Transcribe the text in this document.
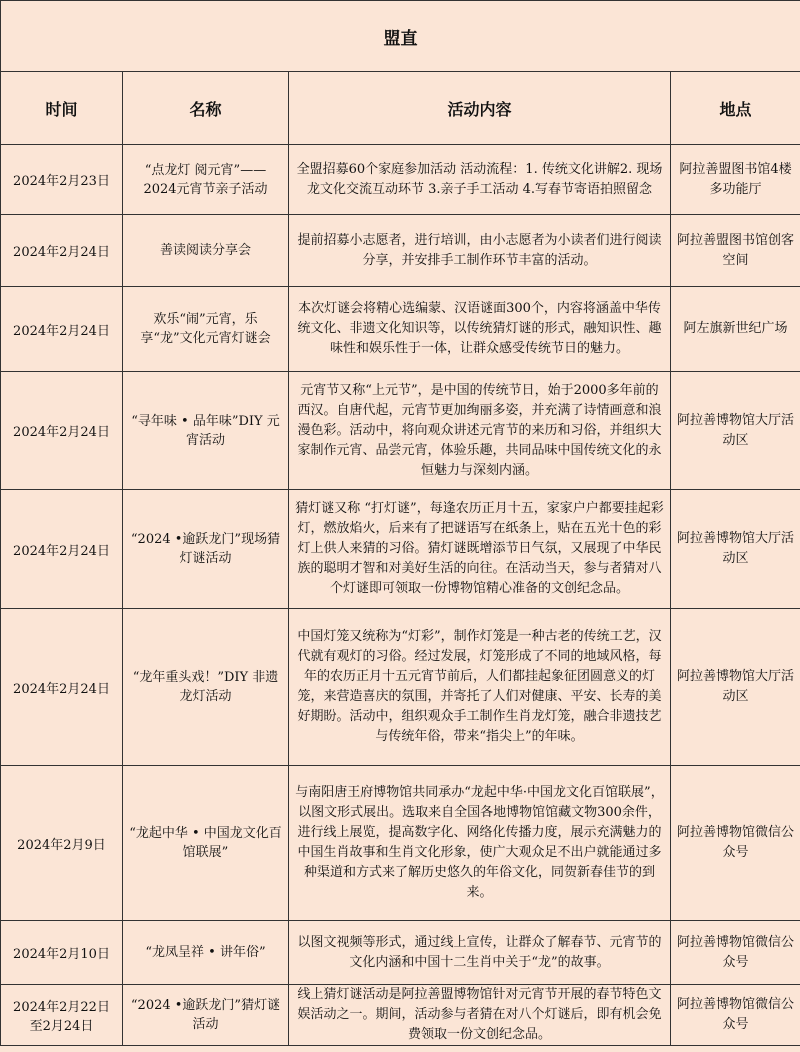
盟直			
时间	名称	活动内容	地点
2024年2月23日	“点龙灯 阅元宵”——2024元宵节亲子活动	全盟招募60个家庭参加活动 活动流程：1. 传统文化讲解2. 现场龙文化交流互动环节 3.亲子手工活动 4.写春节寄语拍照留念	阿拉善盟图书馆4楼多功能厅
2024年2月24日	善读阅读分享会	提前招募小志愿者，进行培训，由小志愿者为小读者们进行阅读分享，并安排手工制作环节丰富的活动。	阿拉善盟图书馆创客空间
2024年2月24日	欢乐“闹”元宵，乐享“龙”文化元宵灯谜会	本次灯谜会将精心选编蒙、汉语谜面300个，内容将涵盖中华传统文化、非遗文化知识等，以传统猜灯谜的形式，融知识性、趣味性和娱乐性于一体，让群众感受传统节日的魅力。	阿左旗新世纪广场
2024年2月24日	“寻年味 • 品年味”DIY 元宵活动	元宵节又称“上元节”，是中国的传统节日，始于2000多年前的西汉。自唐代起，元宵节更加绚丽多姿，并充满了诗情画意和浪漫色彩。活动中，将向观众讲述元宵节的来历和习俗，并组织大家制作元宵、品尝元宵，体验乐趣，共同品味中国传统文化的永恒魅力与深刻内涵。	阿拉善博物馆大厅活动区
2024年2月24日	“2024 •逾跃龙门”现场猜灯谜活动	猜灯谜又称 “打灯谜”，每逢农历正月十五，家家户户都要挂起彩灯，燃放焰火，后来有了把谜语写在纸条上，贴在五光十色的彩灯上供人来猜的习俗。猜灯谜既增添节日气氛，又展现了中华民族的聪明才智和对美好生活的向往。在活动当天，参与者猜对八个灯谜即可领取一份博物馆精心准备的文创纪念品。	阿拉善博物馆大厅活动区
2024年2月24日	“龙年重头戏！”DIY 非遗龙灯活动	中国灯笼又统称为“灯彩”，制作灯笼是一种古老的传统工艺，汉代就有观灯的习俗。经过发展，灯笼形成了不同的地域风格，每年的农历正月十五元宵节前后，人们都挂起象征团圆意义的灯笼，来营造喜庆的氛围，并寄托了人们对健康、平安、长寿的美好期盼。活动中，组织观众手工制作生肖龙灯笼，融合非遗技艺与传统年俗，带来“指尖上”的年味。	阿拉善博物馆大厅活动区
2024年2月9日	“龙起中华 • 中国龙文化百馆联展”	与南阳唐王府博物馆共同承办“龙起中华·中国龙文化百馆联展”，以图文形式展出。选取来自全国各地博物馆馆藏文物300余件，进行线上展览，提高数字化、网络化传播力度，展示充满魅力的中国生肖故事和生肖文化形象，使广大观众足不出户就能通过多种渠道和方式来了解历史悠久的年俗文化，同贺新春佳节的到来。	阿拉善博物馆微信公众号
2024年2月10日	“龙凤呈祥 • 讲年俗”	以图文视频等形式，通过线上宣传，让群众了解春节、元宵节的文化内涵和中国十二生肖中关于“龙”的故事。	阿拉善博物馆微信公众号
2024年2月22日至2月24日	“2024 •逾跃龙门”猜灯谜活动	线上猜灯谜活动是阿拉善盟博物馆针对元宵节开展的春节特色文娱活动之一。期间，活动参与者猜在对八个灯谜后，即有机会免费领取一份文创纪念品。	阿拉善博物馆微信公众号
